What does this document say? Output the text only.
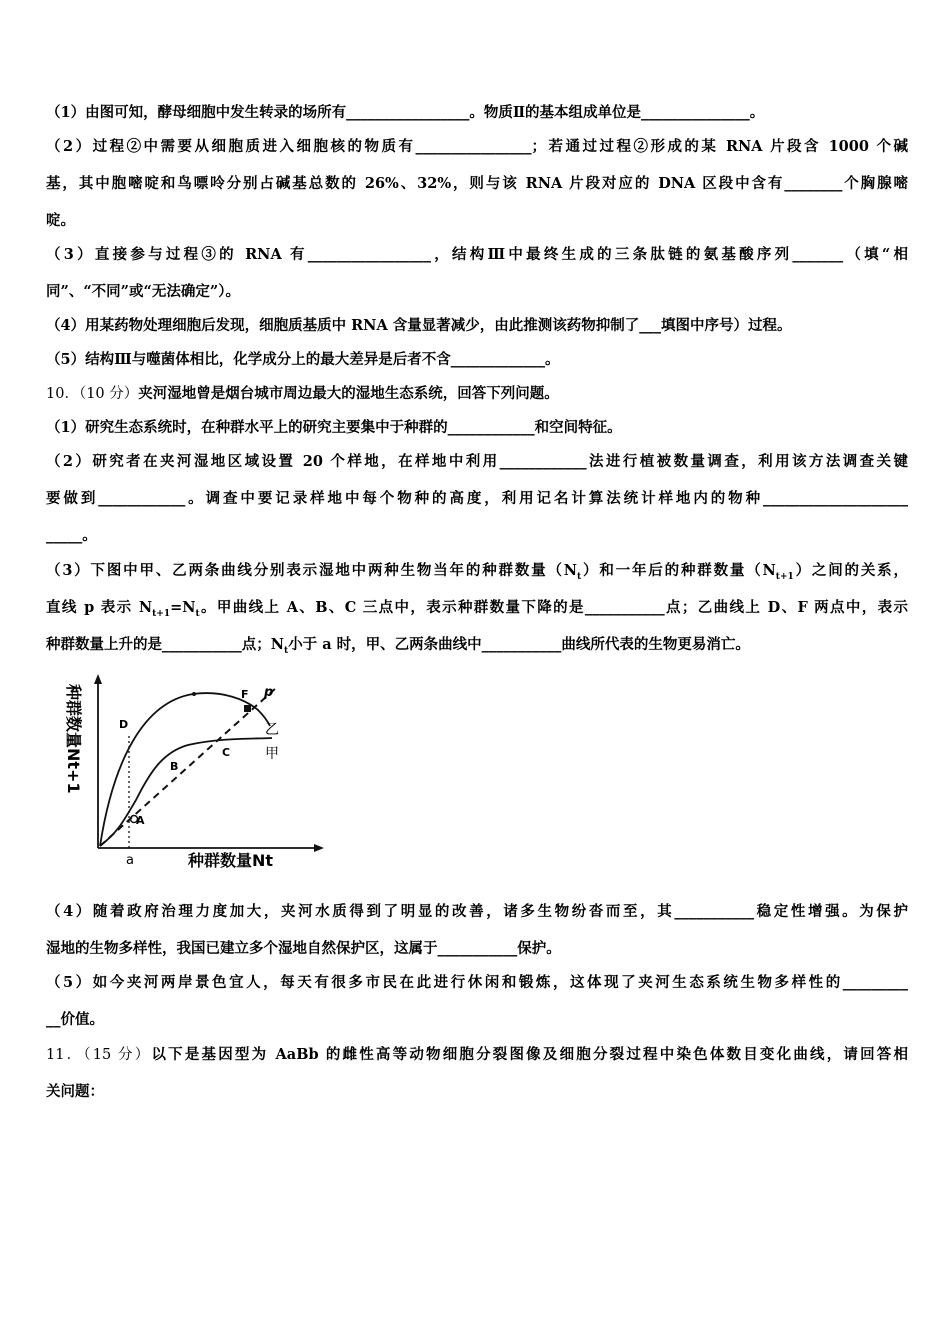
（1）由图可知，酵母细胞中发生转录的场所有_________________。物质Ⅱ的基本组成单位是_______________。
（2）过程②中需要从细胞质进入细胞核的物质有________________；若通过过程②形成的某 RNA 片段含 1000 个碱
基，其中胞嘧啶和鸟嘌呤分别占碱基总数的 26%、32%，则与该 RNA 片段对应的 DNA 区段中含有________个胸腺嘧
啶。
（3）直接参与过程③的 RNA 有_________________，结构Ⅲ中最终生成的三条肽链的氨基酸序列_______（填“相
同”、“不同”或“无法确定”）。
（4）用某药物处理细胞后发现，细胞质基质中 RNA 含量显著减少，由此推测该药物抑制了___填图中序号）过程。
（5）结构Ⅲ与噬菌体相比，化学成分上的最大差异是后者不含_____________。
10．（10 分）夹河湿地曾是烟台城市周边最大的湿地生态系统，回答下列问题。
（1）研究生态系统时，在种群水平上的研究主要集中于种群的____________和空间特征。
（2）研究者在夹河湿地区域设置 20 个样地，在样地中利用____________法进行植被数量调查，利用该方法调查关键
要做到____________。调查中要记录样地中每个物种的高度，利用记名计算法统计样地内的物种____________________
_____。
（3）下图中甲、乙两条曲线分别表示湿地中两种生物当年的种群数量$(N_t)$和一年后的种群数量$(N_{t+1})$之间的关系，
直线 p 表示 $N_{t+1}=N_t$。甲曲线上 A、B、C 三点中，表示种群数量下降的是___________点；乙曲线上 D、F 两点中，表示
种群数量上升的是___________点；$N_t$小于 a 时，甲、乙两条曲线中___________曲线所代表的生物更易消亡。
D
F p
乙
C 甲
B
A
a	种群数量Nt
种群数量Nt+1
（4）随着政府治理力度加大，夹河水质得到了明显的改善，诸多生物纷沓而至，其___________稳定性增强。为保护
湿地的生物多样性，我国已建立多个湿地自然保护区，这属于___________保护。
（5）如今夹河两岸景色宜人，每天有很多市民在此进行休闲和锻炼，这体现了夹河生态系统生物多样性的_________
__价值。
11．（15 分）以下是基因型为 AaBb 的雌性高等动物细胞分裂图像及细胞分裂过程中染色体数目变化曲线，请回答相
关问题：
